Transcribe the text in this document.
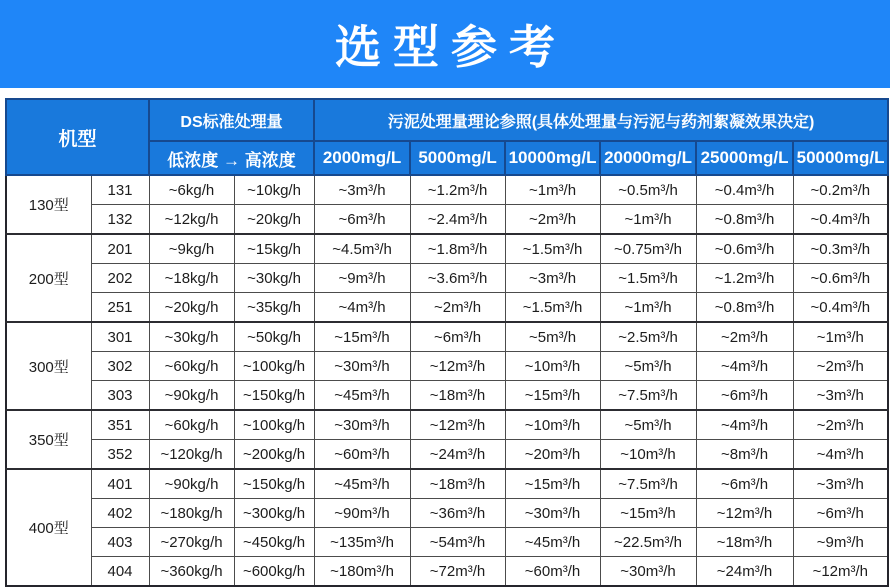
选型参考
机型		DS标准处理量		污泥处理量理论参照(具体处理量与污泥与药剂絮凝效果决定)					
		低浓度 → 高浓度		2000mg/L	5000mg/L	10000mg/L	20000mg/L	25000mg/L	50000mg/L
130型	131	~6kg/h	~10kg/h	~3m³/h	~1.2m³/h	~1m³/h	~0.5m³/h	~0.4m³/h	~0.2m³/h
	132	~12kg/h	~20kg/h	~6m³/h	~2.4m³/h	~2m³/h	~1m³/h	~0.8m³/h	~0.4m³/h
200型	201	~9kg/h	~15kg/h	~4.5m³/h	~1.8m³/h	~1.5m³/h	~0.75m³/h	~0.6m³/h	~0.3m³/h
	202	~18kg/h	~30kg/h	~9m³/h	~3.6m³/h	~3m³/h	~1.5m³/h	~1.2m³/h	~0.6m³/h
	251	~20kg/h	~35kg/h	~4m³/h	~2m³/h	~1.5m³/h	~1m³/h	~0.8m³/h	~0.4m³/h
300型	301	~30kg/h	~50kg/h	~15m³/h	~6m³/h	~5m³/h	~2.5m³/h	~2m³/h	~1m³/h
	302	~60kg/h	~100kg/h	~30m³/h	~12m³/h	~10m³/h	~5m³/h	~4m³/h	~2m³/h
	303	~90kg/h	~150kg/h	~45m³/h	~18m³/h	~15m³/h	~7.5m³/h	~6m³/h	~3m³/h
350型	351	~60kg/h	~100kg/h	~30m³/h	~12m³/h	~10m³/h	~5m³/h	~4m³/h	~2m³/h
	352	~120kg/h	~200kg/h	~60m³/h	~24m³/h	~20m³/h	~10m³/h	~8m³/h	~4m³/h
400型	401	~90kg/h	~150kg/h	~45m³/h	~18m³/h	~15m³/h	~7.5m³/h	~6m³/h	~3m³/h
	402	~180kg/h	~300kg/h	~90m³/h	~36m³/h	~30m³/h	~15m³/h	~12m³/h	~6m³/h
	403	~270kg/h	~450kg/h	~135m³/h	~54m³/h	~45m³/h	~22.5m³/h	~18m³/h	~9m³/h
	404	~360kg/h	~600kg/h	~180m³/h	~72m³/h	~60m³/h	~30m³/h	~24m³/h	~12m³/h
